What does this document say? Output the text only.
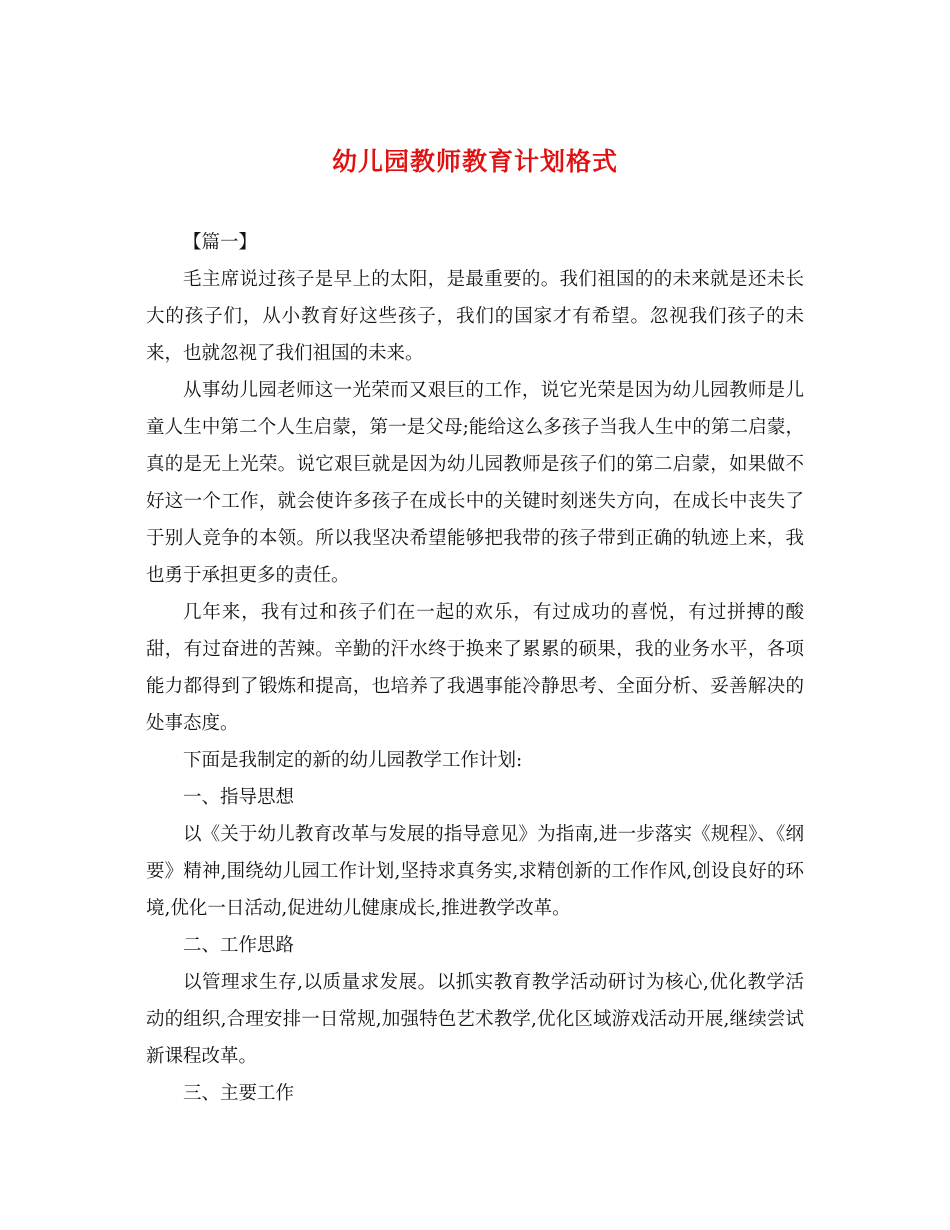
幼儿园教师教育计划格式

【篇一】

毛主席说过孩子是早上的太阳，是最重要的。我们祖国的的未来就是还未长大的孩子们，从小教育好这些孩子，我们的国家才有希望。忽视我们孩子的未来，也就忽视了我们祖国的未来。

从事幼儿园老师这一光荣而又艰巨的工作，说它光荣是因为幼儿园教师是儿童人生中第二个人生启蒙，第一是父母;能给这么多孩子当我人生中的第二启蒙，真的是无上光荣。说它艰巨就是因为幼儿园教师是孩子们的第二启蒙，如果做不好这一个工作，就会使许多孩子在成长中的关键时刻迷失方向，在成长中丧失了于别人竞争的本领。所以我坚决希望能够把我带的孩子带到正确的轨迹上来，我也勇于承担更多的责任。

几年来，我有过和孩子们在一起的欢乐，有过成功的喜悦，有过拼搏的酸甜，有过奋进的苦辣。辛勤的汗水终于换来了累累的硕果，我的业务水平，各项能力都得到了锻炼和提高，也培养了我遇事能冷静思考、全面分析、妥善解决的处事态度。

下面是我制定的新的幼儿园教学工作计划:

一、指导思想

以《关于幼儿教育改革与发展的指导意见》为指南,进一步落实《规程》、《纲要》精神,围绕幼儿园工作计划,坚持求真务实,求精创新的工作作风,创设良好的环境,优化一日活动,促进幼儿健康成长,推进教学改革。

二、工作思路

以管理求生存,以质量求发展。以抓实教育教学活动研讨为核心,优化教学活动的组织,合理安排一日常规,加强特色艺术教学,优化区域游戏活动开展,继续尝试新课程改革。

三、主要工作
